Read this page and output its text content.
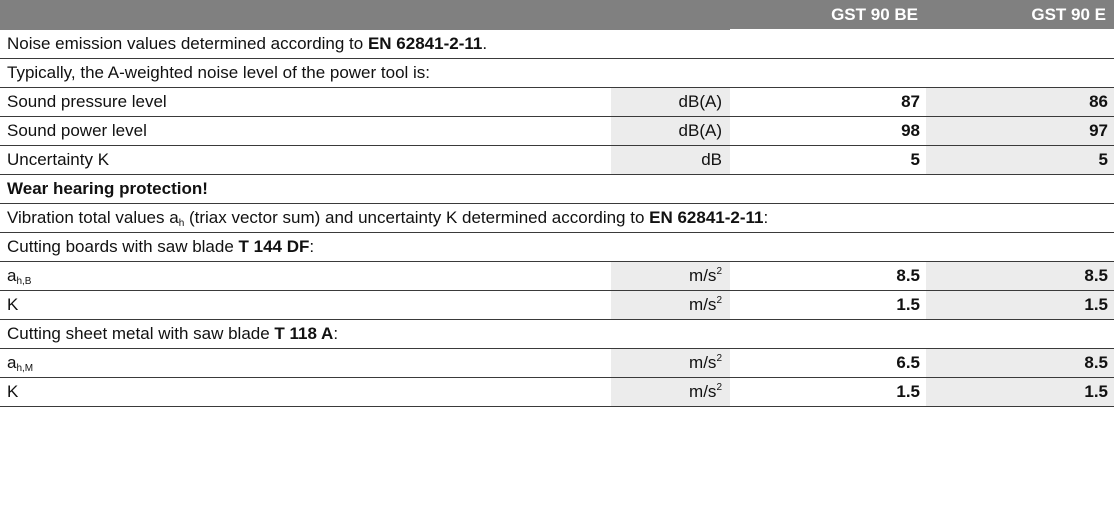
		GST 90 BE	GST 90 E
Noise emission values determined according to EN 62841-2-11.			
Typically, the A-weighted noise level of the power tool is:			
Sound pressure level	dB(A)	87	86
Sound power level	dB(A)	98	97
Uncertainty K	dB	5	5
Wear hearing protection!			
Vibration total values $a_h$ (triax vector sum) and uncertainty K determined according to EN 62841-2-11:			
Cutting boards with saw blade T 144 DF:			
$a_{h,B}$	$m/s^2$	8.5	8.5
K	$m/s^2$	1.5	1.5
Cutting sheet metal with saw blade T 118 A:			
$a_{h,M}$	$m/s^2$	6.5	8.5
K	$m/s^2$	1.5	1.5
